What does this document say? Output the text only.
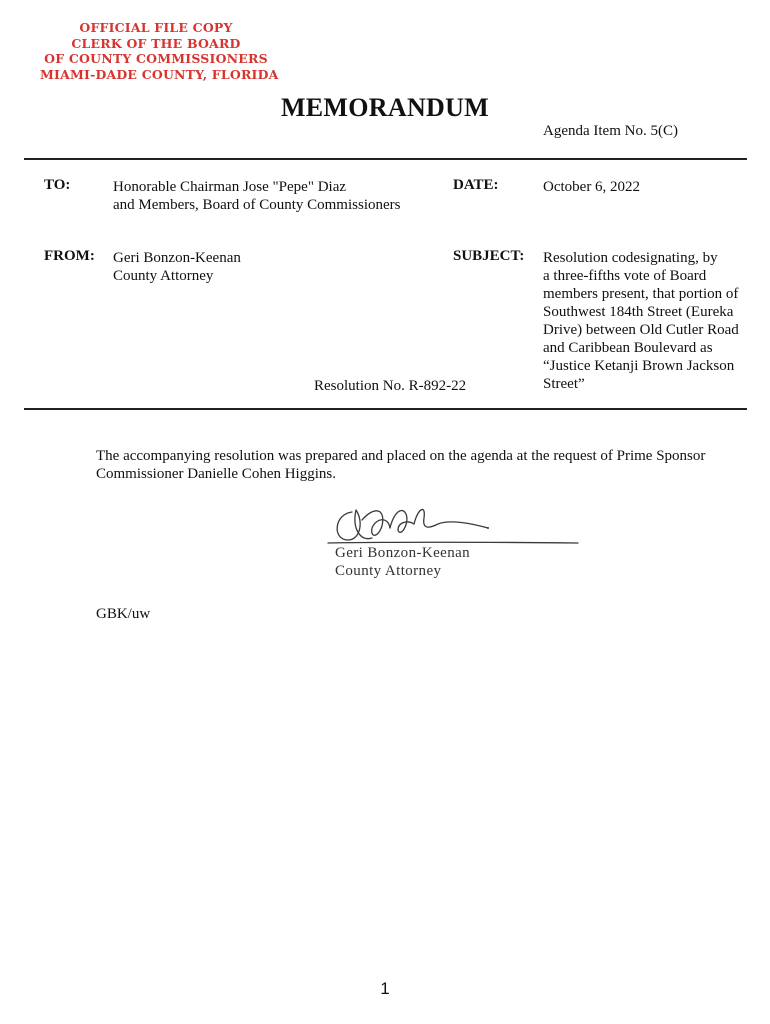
OFFICIAL FILE COPY
CLERK OF THE BOARD
OF COUNTY COMMISSIONERS
MIAMI-DADE COUNTY, FLORIDA
MEMORANDUM
Agenda Item No. 5(C)
TO:	Honorable Chairman Jose "Pepe" Diaz
and Members, Board of County Commissioners
DATE:	October 6, 2022
FROM: Geri Bonzon-Keenan
County Attorney
SUBJECT: Resolution codesignating, by
a three-fifths vote of Board
members present, that portion of
Southwest 184th Street (Eureka
Drive) between Old Cutler Road
and Caribbean Boulevard as
“Justice Ketanji Brown Jackson
Street”
Resolution No. R-892-22
The accompanying resolution was prepared and placed on the agenda at the request of Prime Sponsor Commissioner Danielle Cohen Higgins.
Geri Bonzon-Keenan
County Attorney
GBK/uw
1
